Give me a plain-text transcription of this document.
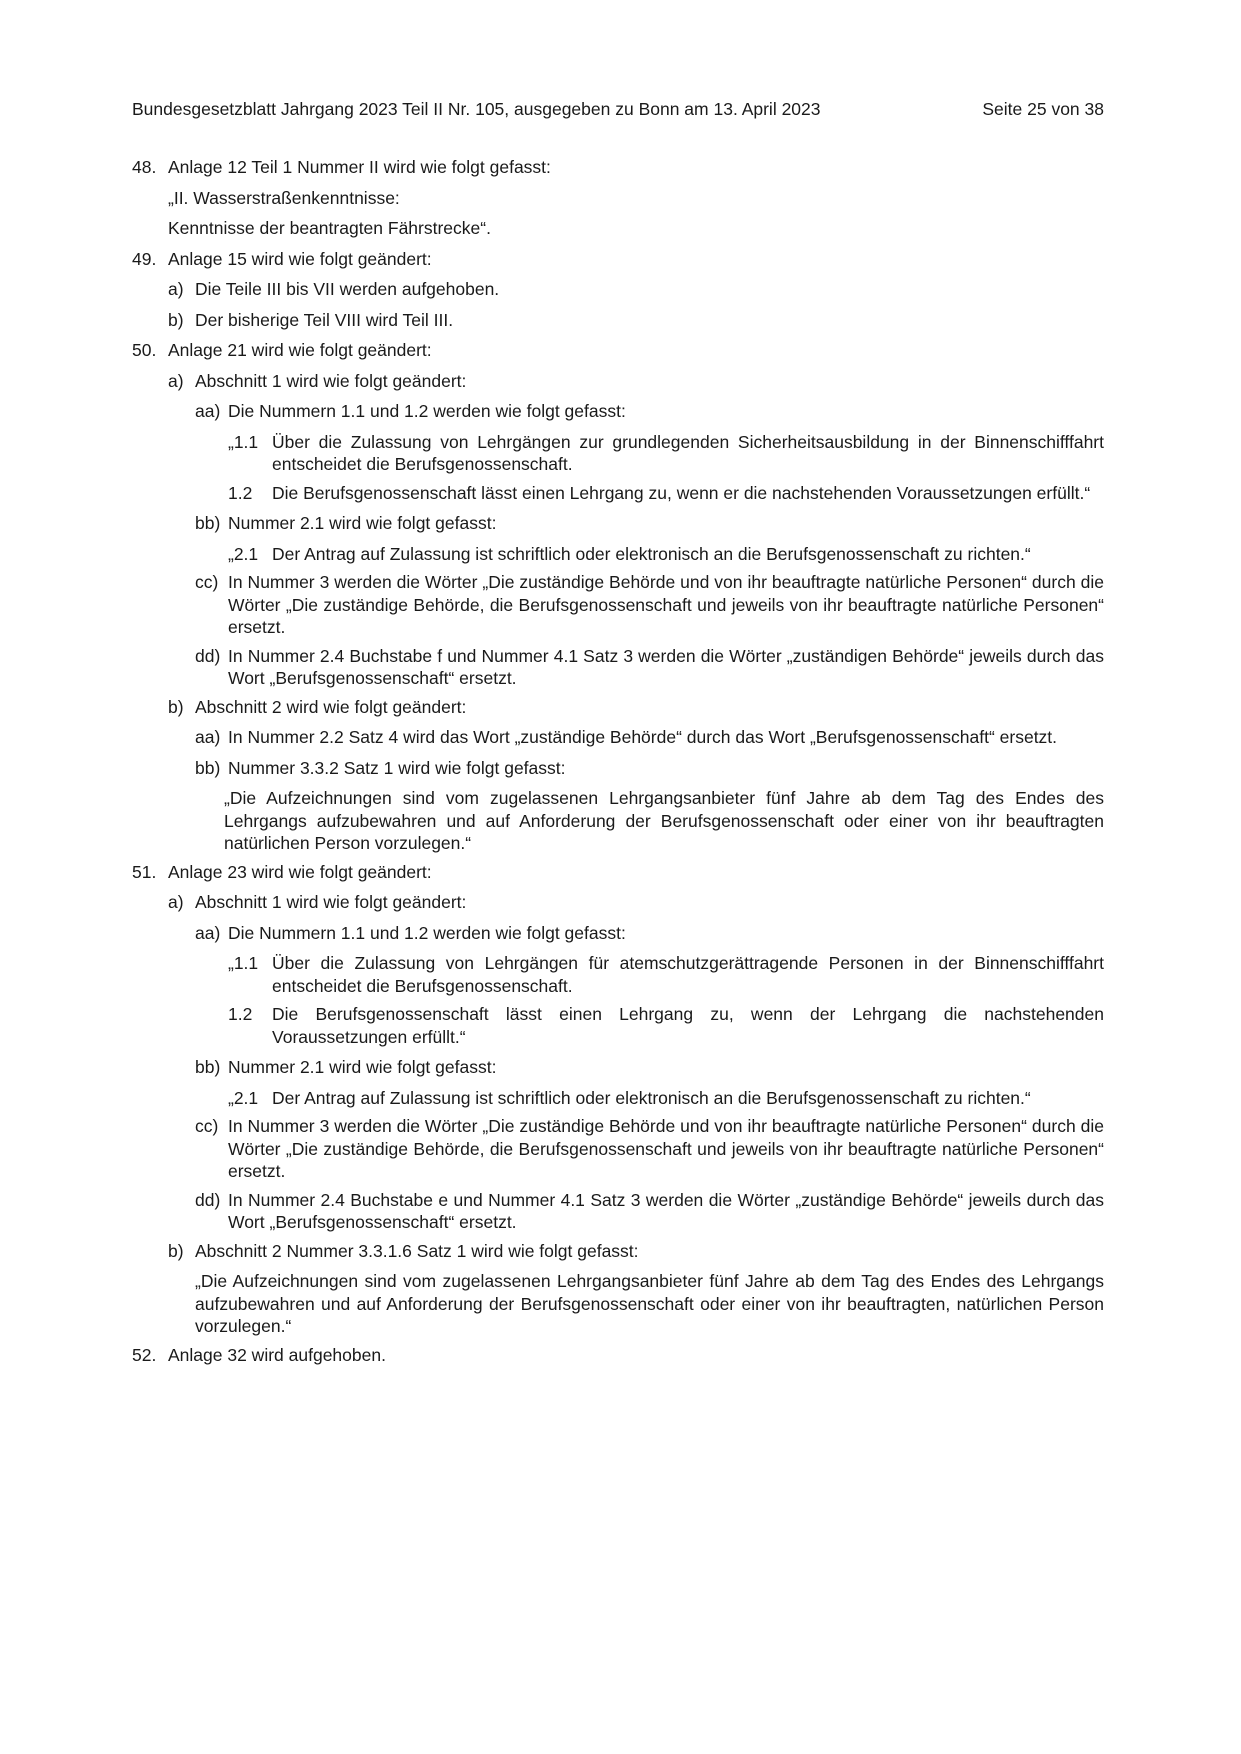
Bundesgesetzblatt Jahrgang 2023 Teil II Nr. 105, ausgegeben zu Bonn am 13. April 2023	Seite 25 von 38
48. Anlage 12 Teil 1 Nummer II wird wie folgt gefasst:
„II. Wasserstraßenkenntnisse:
Kenntnisse der beantragten Fährstrecke“.
49. Anlage 15 wird wie folgt geändert:
a) Die Teile III bis VII werden aufgehoben.
b) Der bisherige Teil VIII wird Teil III.
50. Anlage 21 wird wie folgt geändert:
a) Abschnitt 1 wird wie folgt geändert:
aa) Die Nummern 1.1 und 1.2 werden wie folgt gefasst:
„1.1 Über die Zulassung von Lehrgängen zur grundlegenden Sicherheitsausbildung in der Binnenschifffahrt entscheidet die Berufsgenossenschaft.
1.2	Die Berufsgenossenschaft lässt einen Lehrgang zu, wenn er die nachstehenden Voraussetzungen erfüllt.“
bb) Nummer 2.1 wird wie folgt gefasst:
„2.1 Der Antrag auf Zulassung ist schriftlich oder elektronisch an die Berufsgenossenschaft zu richten.“
cc) In Nummer 3 werden die Wörter „Die zuständige Behörde und von ihr beauftragte natürliche Personen“ durch die Wörter „Die zuständige Behörde, die Berufsgenossenschaft und jeweils von ihr beauftragte natürliche Personen“ ersetzt.
dd) In Nummer 2.4 Buchstabe f und Nummer 4.1 Satz 3 werden die Wörter „zuständigen Behörde“ jeweils durch das Wort „Berufsgenossenschaft“ ersetzt.
b) Abschnitt 2 wird wie folgt geändert:
aa) In Nummer 2.2 Satz 4 wird das Wort „zuständige Behörde“ durch das Wort „Berufsgenossenschaft“ ersetzt.
bb) Nummer 3.3.2 Satz 1 wird wie folgt gefasst:
„Die Aufzeichnungen sind vom zugelassenen Lehrgangsanbieter fünf Jahre ab dem Tag des Endes des Lehrgangs aufzubewahren und auf Anforderung der Berufsgenossenschaft oder einer von ihr beauftragten natürlichen Person vorzulegen.“
51. Anlage 23 wird wie folgt geändert:
a) Abschnitt 1 wird wie folgt geändert:
aa) Die Nummern 1.1 und 1.2 werden wie folgt gefasst:
„1.1 Über die Zulassung von Lehrgängen für atemschutzgerättragende Personen in der Binnenschifffahrt entscheidet die Berufsgenossenschaft.
1.2	Die Berufsgenossenschaft lässt einen Lehrgang zu, wenn der Lehrgang die nachstehenden Voraussetzungen erfüllt.“
bb) Nummer 2.1 wird wie folgt gefasst:
„2.1 Der Antrag auf Zulassung ist schriftlich oder elektronisch an die Berufsgenossenschaft zu richten.“
cc) In Nummer 3 werden die Wörter „Die zuständige Behörde und von ihr beauftragte natürliche Personen“ durch die Wörter „Die zuständige Behörde, die Berufsgenossenschaft und jeweils von ihr beauftragte natürliche Personen“ ersetzt.
dd) In Nummer 2.4 Buchstabe e und Nummer 4.1 Satz 3 werden die Wörter „zuständige Behörde“ jeweils durch das Wort „Berufsgenossenschaft“ ersetzt.
b) Abschnitt 2 Nummer 3.3.1.6 Satz 1 wird wie folgt gefasst:
„Die Aufzeichnungen sind vom zugelassenen Lehrgangsanbieter fünf Jahre ab dem Tag des Endes des Lehrgangs aufzubewahren und auf Anforderung der Berufsgenossenschaft oder einer von ihr beauftragten, natürlichen Person vorzulegen.“
52. Anlage 32 wird aufgehoben.
